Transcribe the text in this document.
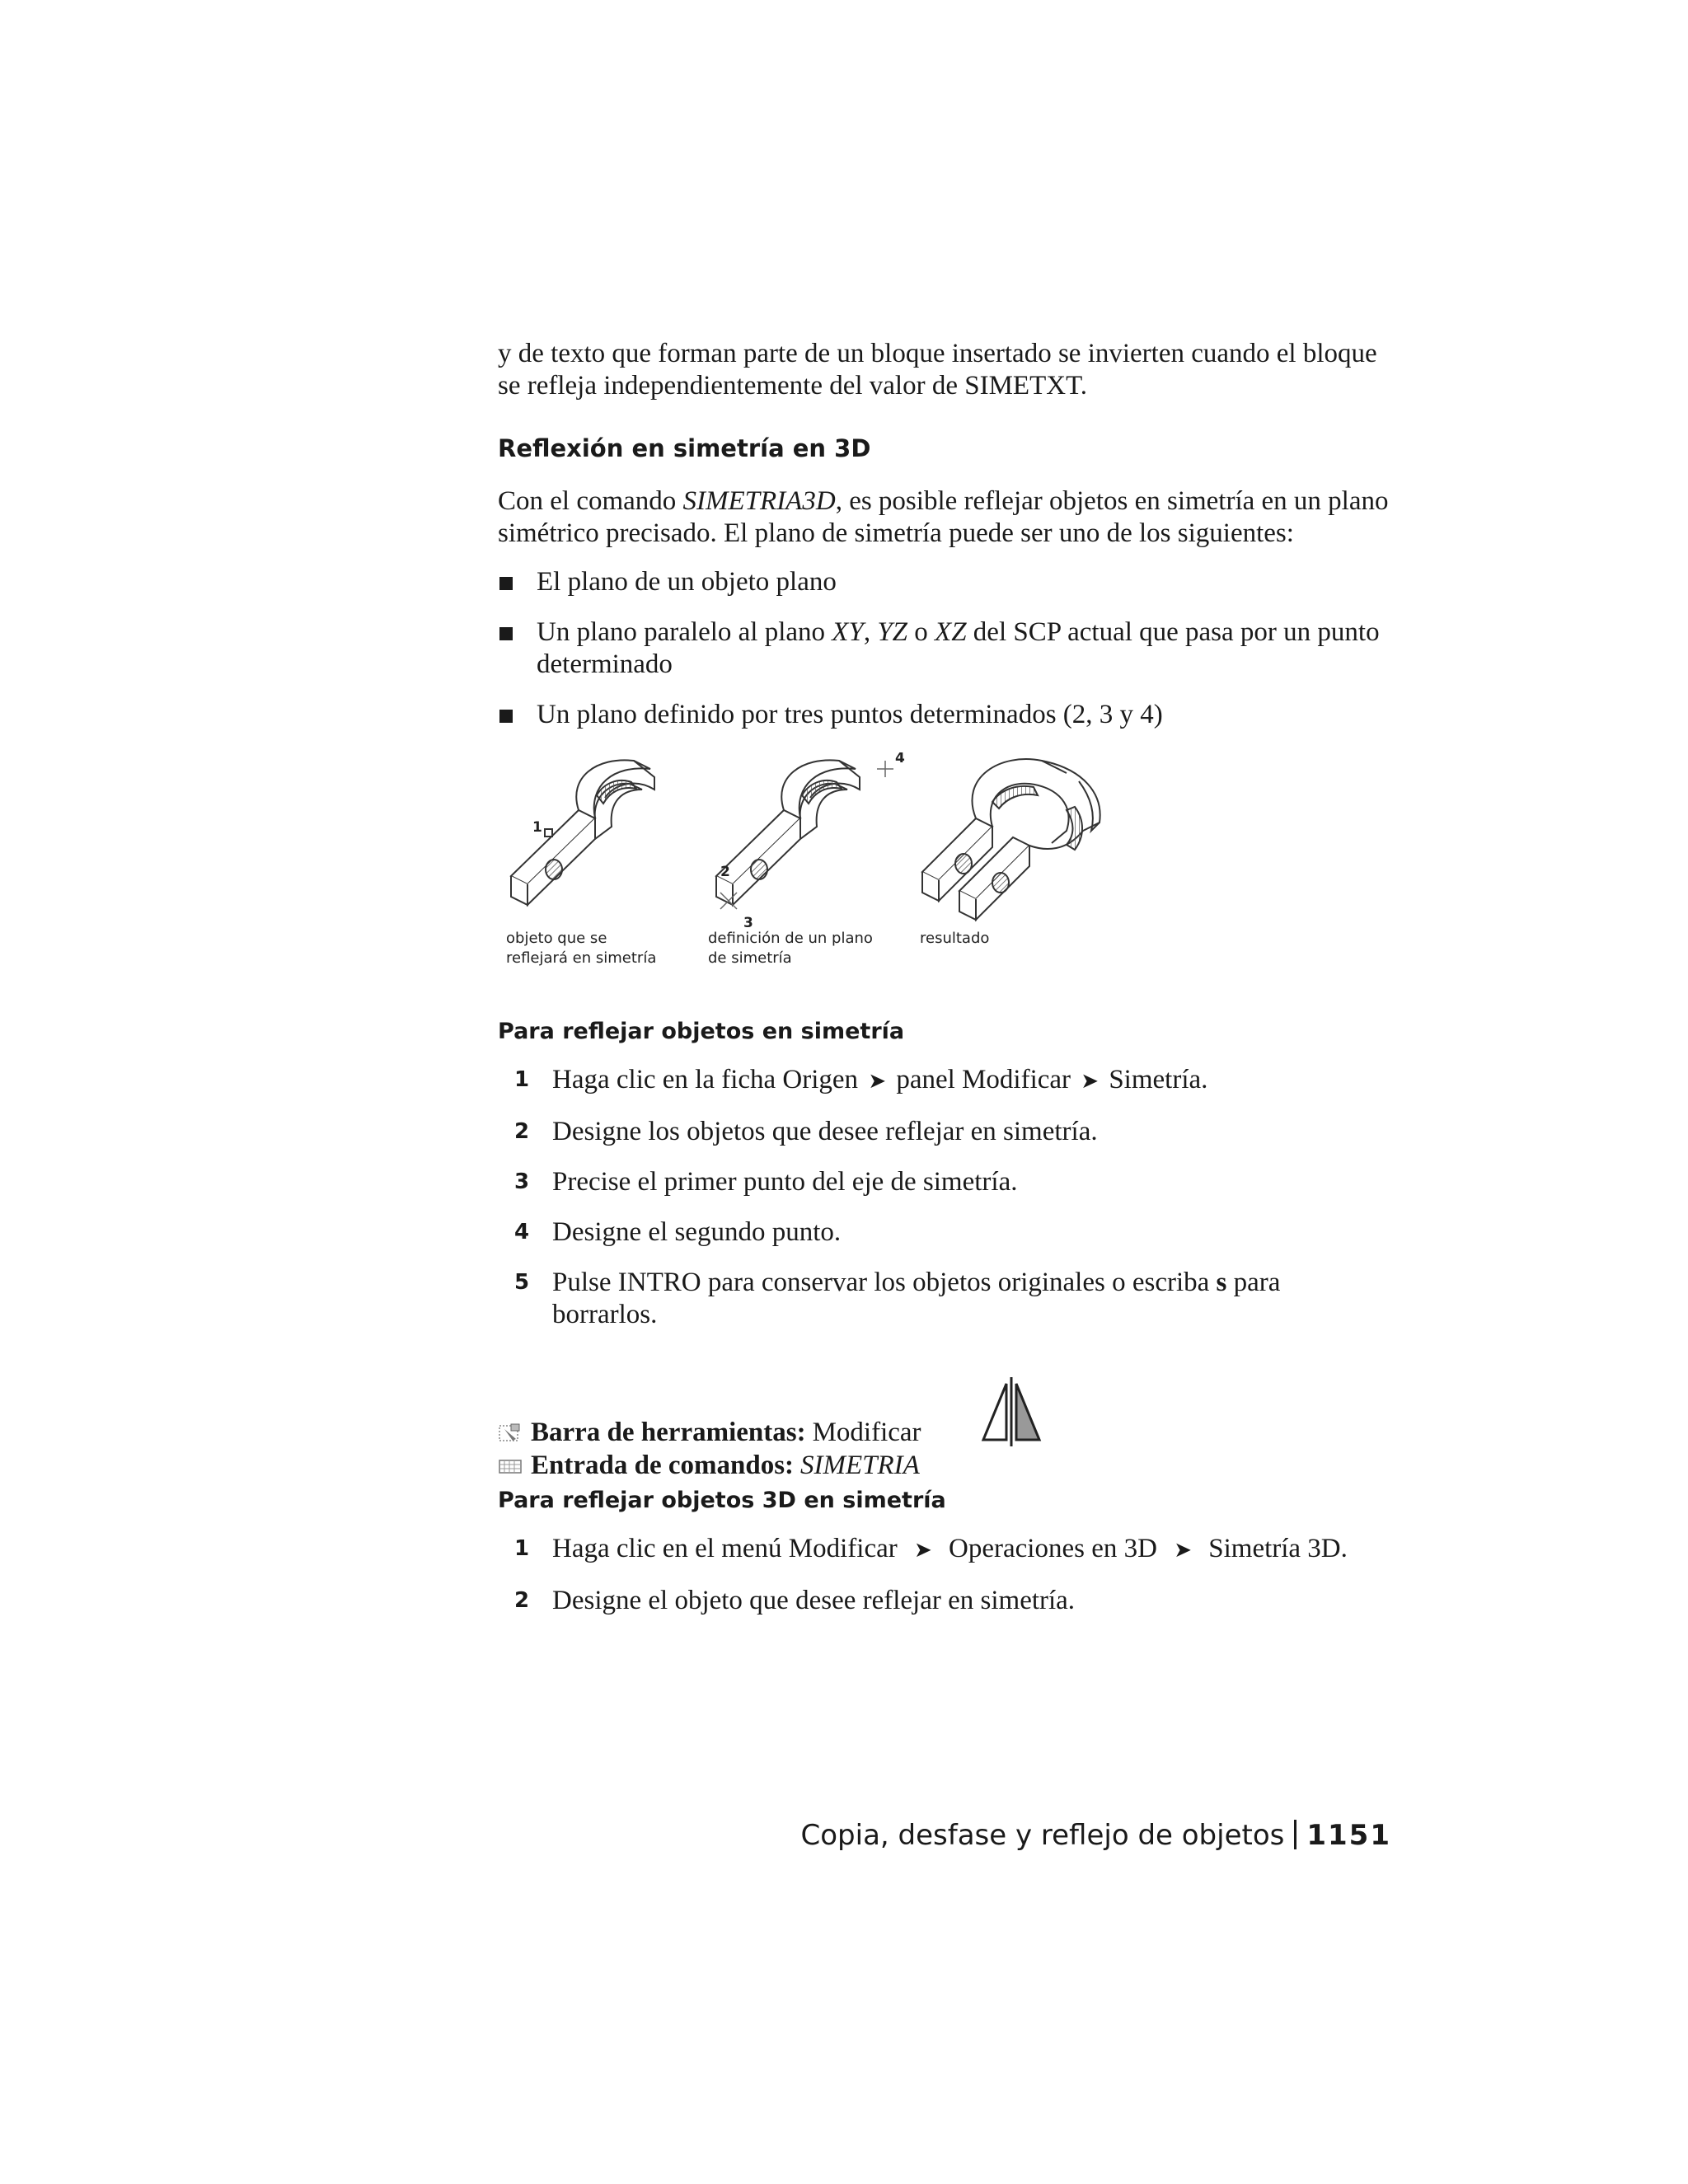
y de texto que forman parte de un bloque insertado se invierten cuando el bloque se refleja independientemente del valor de SIMETXT.

Reflexión en simetría en 3D

Con el comando SIMETRIA3D, es posible reflejar objetos en simetría en un plano simétrico precisado. El plano de simetría puede ser uno de los siguientes:

El plano de un objeto plano
Un plano paralelo al plano XY, YZ o XZ del SCP actual que pasa por un punto determinado
Un plano definido por tres puntos determinados (2, 3 y 4)
1
2
3
4
objeto que se
reflejará en simetría
definición de un plano
de simetría
resultado
Para reflejar objetos en simetría
1 Haga clic en la ficha Origen ➤ panel Modificar ➤ Simetría.
2 Designe los objetos que desee reflejar en simetría.
3 Precise el primer punto del eje de simetría.
4 Designe el segundo punto.
5 Pulse INTRO para conservar los objetos originales o escriba s para borrarlos.
Barra de herramientas: Modificar
Entrada de comandos: SIMETRIA
Para reflejar objetos 3D en simetría
1 Haga clic en el menú Modificar ➤ Operaciones en 3D ➤ Simetría 3D.
2 Designe el objeto que desee reflejar en simetría.
Copia, desfase y reflejo de objetos 1151
